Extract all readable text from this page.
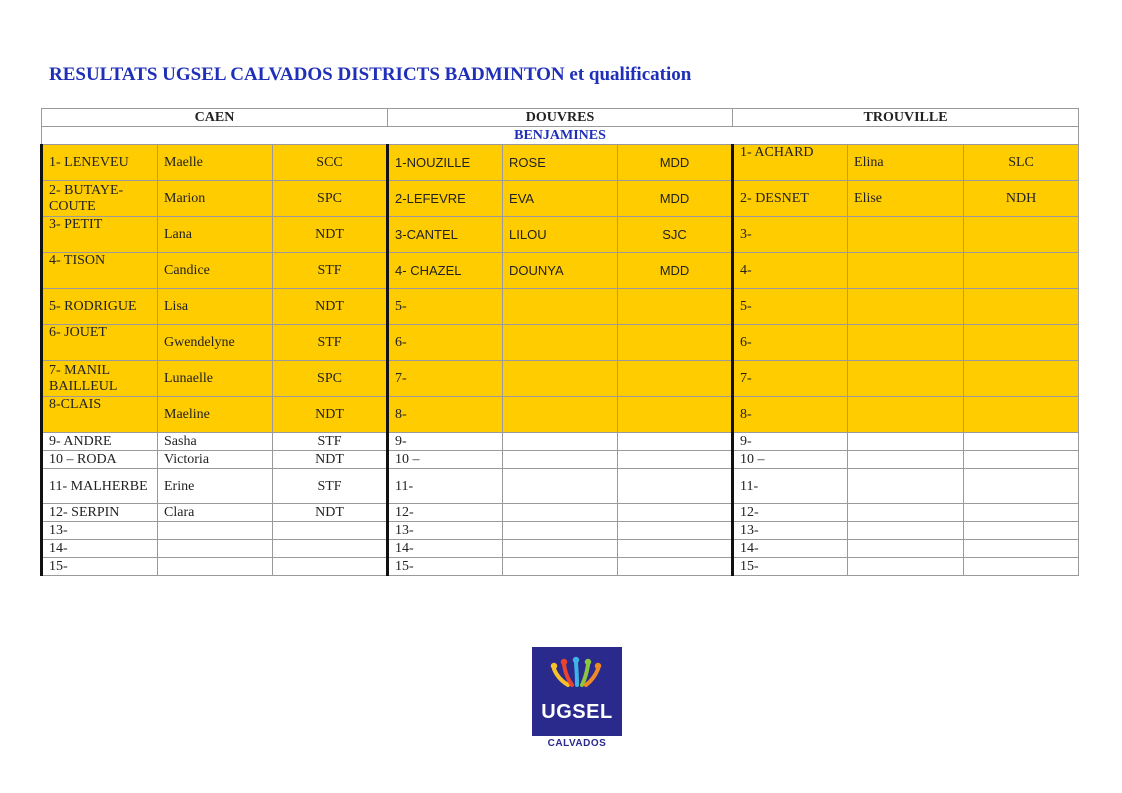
RESULTATS UGSEL CALVADOS DISTRICTS BADMINTON et qualification
CAEN			DOUVRES			TROUVILLE		
BENJAMINES								
1- LENEVEU	Maelle	SCC	1-NOUZILLE	ROSE	MDD	1- ACHARD	Elina	SLC
2- BUTAYE-COUTE	Marion	SPC	2-LEFEVRE	EVA	MDD	2- DESNET	Elise	NDH
3- PETIT	Lana	NDT	3-CANTEL	LILOU	SJC	3-		
4- TISON	Candice	STF	4- CHAZEL	DOUNYA	MDD	4-		
5- RODRIGUE	Lisa	NDT	5-			5-		
6- JOUET	Gwendelyne	STF	6-			6-		
7- MANIL BAILLEUL	Lunaelle	SPC	7-			7-		
8-CLAIS	Maeline	NDT	8-			8-		
9- ANDRE	Sasha	STF	9-			9-		
10 – RODA	Victoria	NDT	10 –			10 –		
11- MALHERBE	Erine	STF	11-			11-		
12- SERPIN	Clara	NDT	12-			12-		
13-			13-			13-		
14-			14-			14-		
15-			15-			15-		
UGSEL
CALVADOS
